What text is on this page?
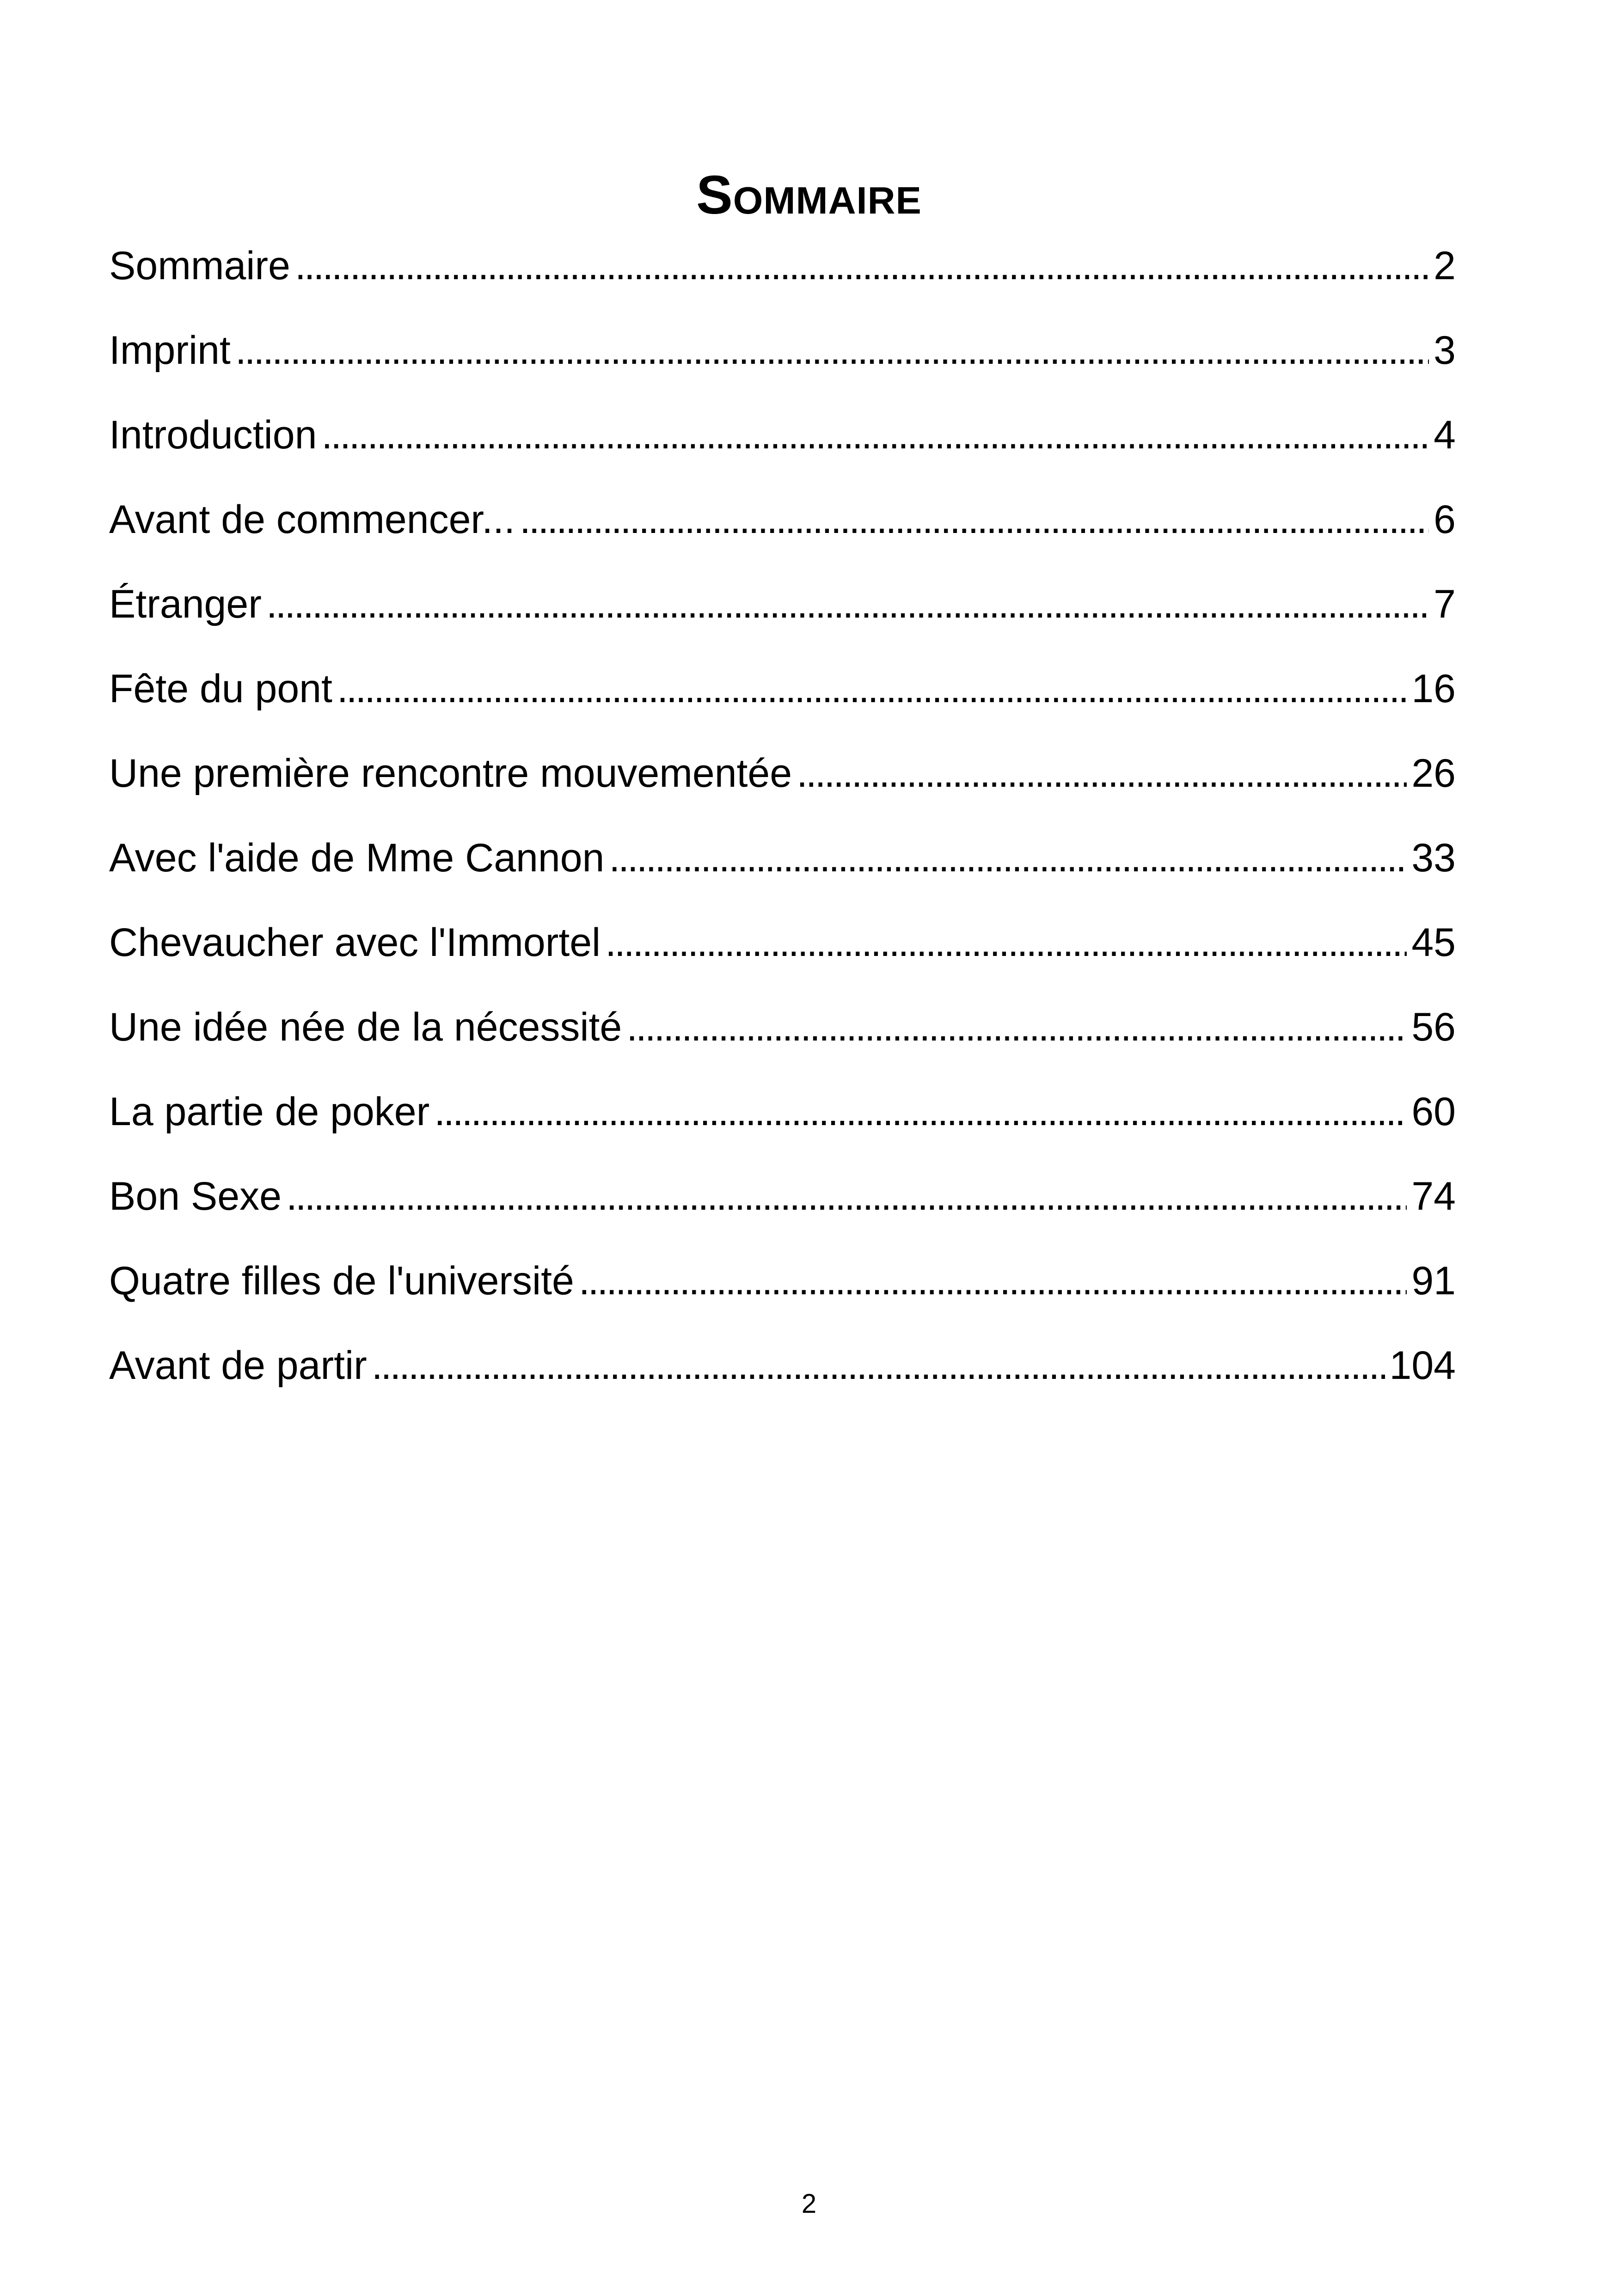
Sommaire
Sommaire . . .	2
Imprint . . .	3
Introduction . . .	4
Avant de commencer... . . .	6
Étranger . . .	7
Fête du pont . . .	16
Une première rencontre mouvementée . . .	26
Avec l'aide de Mme Cannon . . .	33
Chevaucher avec l'Immortel . . .	45
Une idée née de la nécessité . . .	56
La partie de poker . . .	60
Bon Sexe . . .	74
Quatre filles de l'université . . .	91
Avant de partir . . .	104
2
